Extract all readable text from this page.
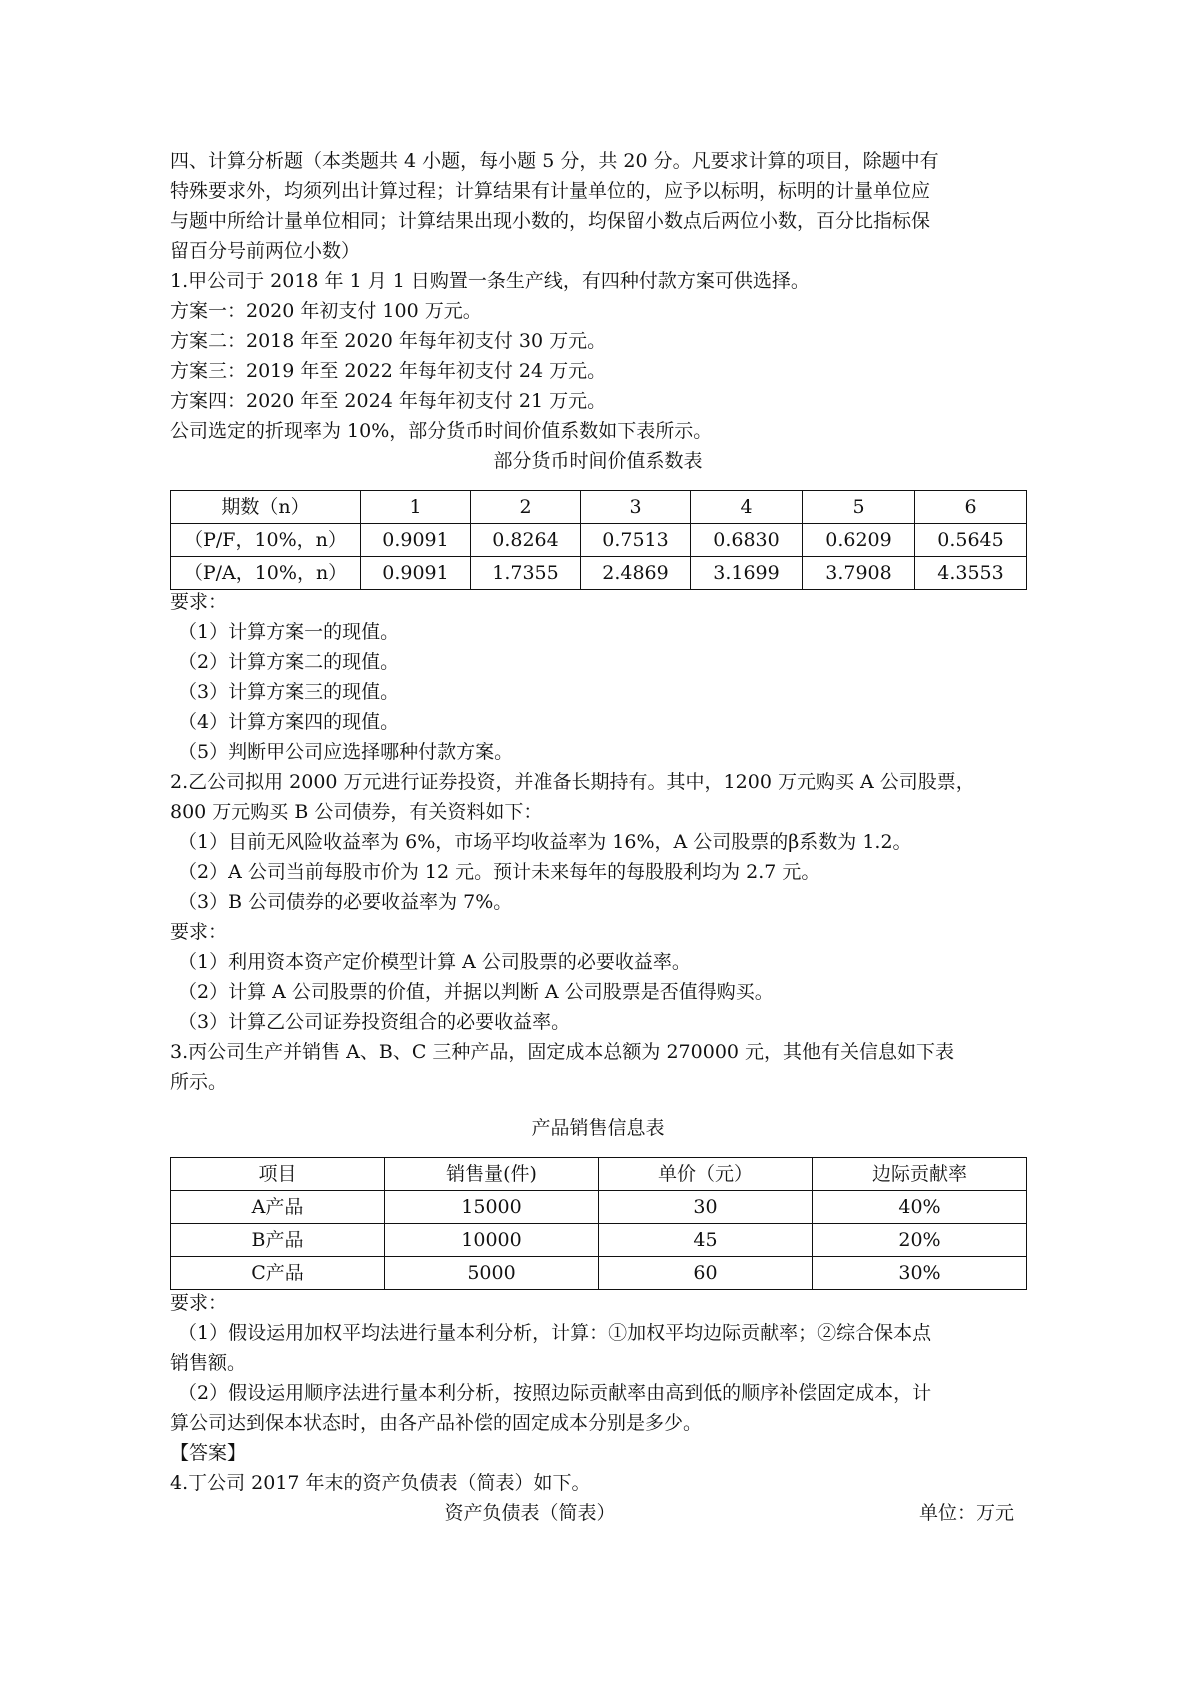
四、计算分析题（本类题共 4 小题，每小题 5 分，共 20 分。凡要求计算的项目，除题中有
特殊要求外，均须列出计算过程；计算结果有计量单位的，应予以标明，标明的计量单位应
与题中所给计量单位相同；计算结果出现小数的，均保留小数点后两位小数，百分比指标保
留百分号前两位小数）
1.甲公司于 2018 年 1 月 1 日购置一条生产线，有四种付款方案可供选择。
方案一：2020 年初支付 100 万元。
方案二：2018 年至 2020 年每年初支付 30 万元。
方案三：2019 年至 2022 年每年初支付 24 万元。
方案四：2020 年至 2024 年每年初支付 21 万元。
公司选定的折现率为 10%，部分货币时间价值系数如下表所示。
部分货币时间价值系数表
期数（n）	1	2	3	4	5	6
（P/F，10%，n）	0.9091	0.8264	0.7513	0.6830	0.6209	0.5645
（P/A，10%，n）	0.9091	1.7355	2.4869	3.1699	3.7908	4.3553
要求：
（1）计算方案一的现值。
（2）计算方案二的现值。
（3）计算方案三的现值。
（4）计算方案四的现值。
（5）判断甲公司应选择哪种付款方案。
2.乙公司拟用 2000 万元进行证券投资，并准备长期持有。其中，1200 万元购买 A 公司股票，
800 万元购买 B 公司债券，有关资料如下：
（1）目前无风险收益率为 6%，市场平均收益率为 16%，A 公司股票的β系数为 1.2。
（2）A 公司当前每股市价为 12 元。预计未来每年的每股股利均为 2.7 元。
（3）B 公司债券的必要收益率为 7%。
要求：
（1）利用资本资产定价模型计算 A 公司股票的必要收益率。
（2）计算 A 公司股票的价值，并据以判断 A 公司股票是否值得购买。
（3）计算乙公司证券投资组合的必要收益率。
3.丙公司生产并销售 A、B、C 三种产品，固定成本总额为 270000 元，其他有关信息如下表
所示。
产品销售信息表
项目	销售量(件)	单价（元）	边际贡献率
A产品	15000	30	40%
B产品	10000	45	20%
C产品	5000	60	30%
要求：
（1）假设运用加权平均法进行量本利分析，计算：①加权平均边际贡献率；②综合保本点
销售额。
（2）假设运用顺序法进行量本利分析，按照边际贡献率由高到低的顺序补偿固定成本，计
算公司达到保本状态时，由各产品补偿的固定成本分别是多少。
【答案】
4.丁公司 2017 年末的资产负债表（简表）如下。
资产负债表（简表）	单位：万元
